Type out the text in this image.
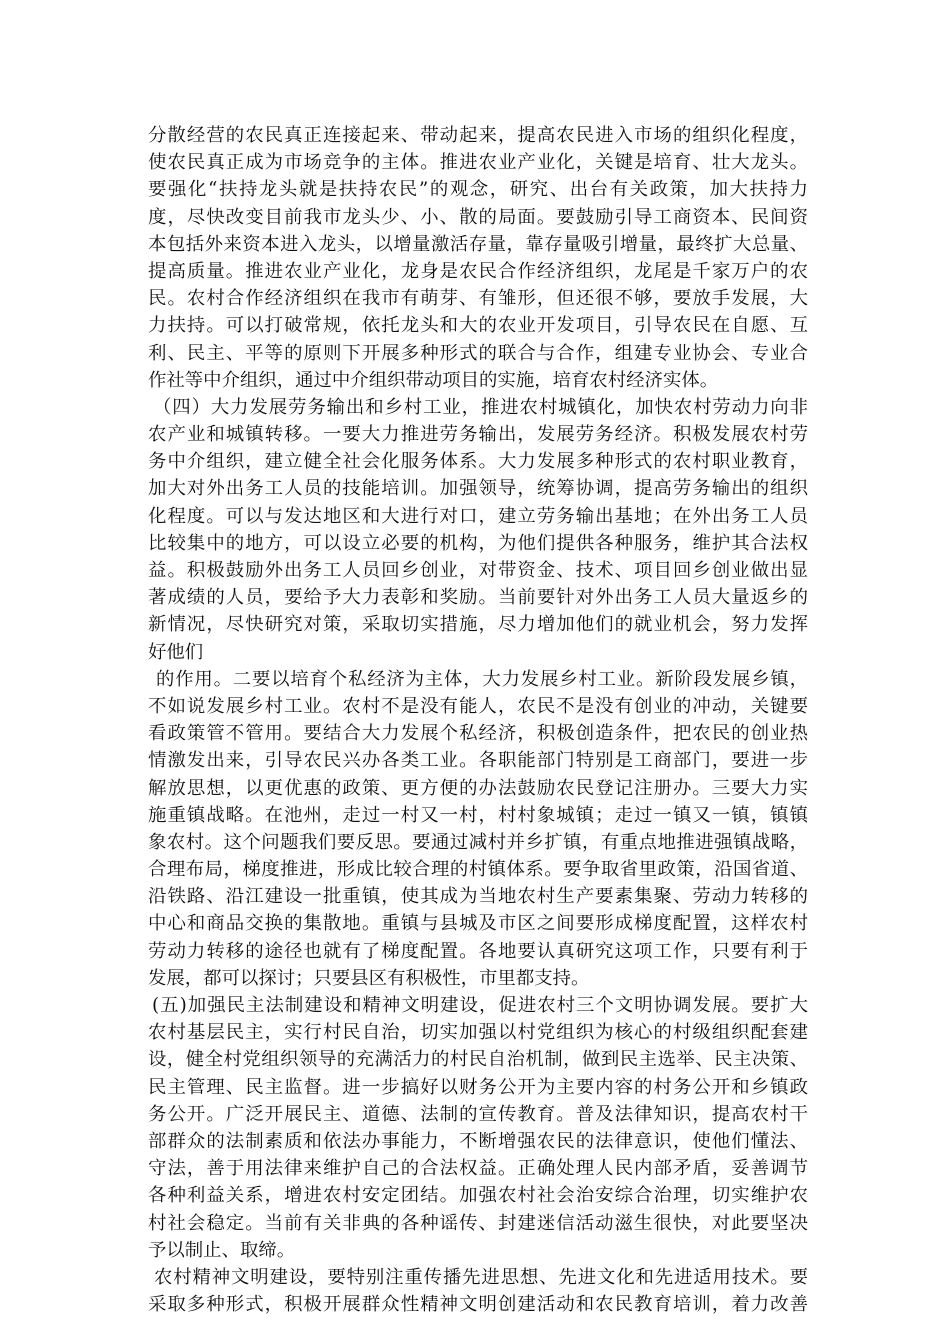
分散经营的农民真正连接起来、带动起来，提高农民进入市场的组织化程度，
使农民真正成为市场竞争的主体。推进农业产业化，关键是培育、壮大龙头。
要强化“扶持龙头就是扶持农民”的观念，研究、出台有关政策，加大扶持力
度，尽快改变目前我市龙头少、小、散的局面。要鼓励引导工商资本、民间资
本包括外来资本进入龙头，以增量激活存量，靠存量吸引增量，最终扩大总量、
提高质量。推进农业产业化，龙身是农民合作经济组织，龙尾是千家万户的农
民。农村合作经济组织在我市有萌芽、有雏形，但还很不够，要放手发展，大
力扶持。可以打破常规，依托龙头和大的农业开发项目，引导农民在自愿、互
利、民主、平等的原则下开展多种形式的联合与合作，组建专业协会、专业合
作社等中介组织，通过中介组织带动项目的实施，培育农村经济实体。
（四）大力发展劳务输出和乡村工业，推进农村城镇化，加快农村劳动力向非
农产业和城镇转移。一要大力推进劳务输出，发展劳务经济。积极发展农村劳
务中介组织，建立健全社会化服务体系。大力发展多种形式的农村职业教育，
加大对外出务工人员的技能培训。加强领导，统筹协调，提高劳务输出的组织
化程度。可以与发达地区和大进行对口，建立劳务输出基地；在外出务工人员
比较集中的地方，可以设立必要的机构，为他们提供各种服务，维护其合法权
益。积极鼓励外出务工人员回乡创业，对带资金、技术、项目回乡创业做出显
著成绩的人员，要给予大力表彰和奖励。当前要针对外出务工人员大量返乡的
新情况，尽快研究对策，采取切实措施，尽力增加他们的就业机会，努力发挥
好他们
的作用。二要以培育个私经济为主体，大力发展乡村工业。新阶段发展乡镇，
不如说发展乡村工业。农村不是没有能人，农民不是没有创业的冲动，关键要
看政策管不管用。要结合大力发展个私经济，积极创造条件，把农民的创业热
情激发出来，引导农民兴办各类工业。各职能部门特别是工商部门，要进一步
解放思想，以更优惠的政策、更方便的办法鼓励农民登记注册办。三要大力实
施重镇战略。在池州，走过一村又一村，村村象城镇；走过一镇又一镇，镇镇
象农村。这个问题我们要反思。要通过减村并乡扩镇，有重点地推进强镇战略，
合理布局，梯度推进，形成比较合理的村镇体系。要争取省里政策，沿国省道、
沿铁路、沿江建设一批重镇，使其成为当地农村生产要素集聚、劳动力转移的
中心和商品交换的集散地。重镇与县城及市区之间要形成梯度配置，这样农村
劳动力转移的途径也就有了梯度配置。各地要认真研究这项工作，只要有利于
发展，都可以探讨；只要县区有积极性，市里都支持。
(五)加强民主法制建设和精神文明建设，促进农村三个文明协调发展。要扩大
农村基层民主，实行村民自治，切实加强以村党组织为核心的村级组织配套建
设，健全村党组织领导的充满活力的村民自治机制，做到民主选举、民主决策、
民主管理、民主监督。进一步搞好以财务公开为主要内容的村务公开和乡镇政
务公开。广泛开展民主、道德、法制的宣传教育。普及法律知识，提高农村干
部群众的法制素质和依法办事能力，不断增强农民的法律意识，使他们懂法、
守法，善于用法律来维护自己的合法权益。正确处理人民内部矛盾，妥善调节
各种利益关系，增进农村安定团结。加强农村社会治安综合治理，切实维护农
村社会稳定。当前有关非典的各种谣传、封建迷信活动滋生很快，对此要坚决
予以制止、取缔。
农村精神文明建设，要特别注重传播先进思想、先进文化和先进适用技术。要
采取多种形式，积极开展群众性精神文明创建活动和农民教育培训，着力改善
